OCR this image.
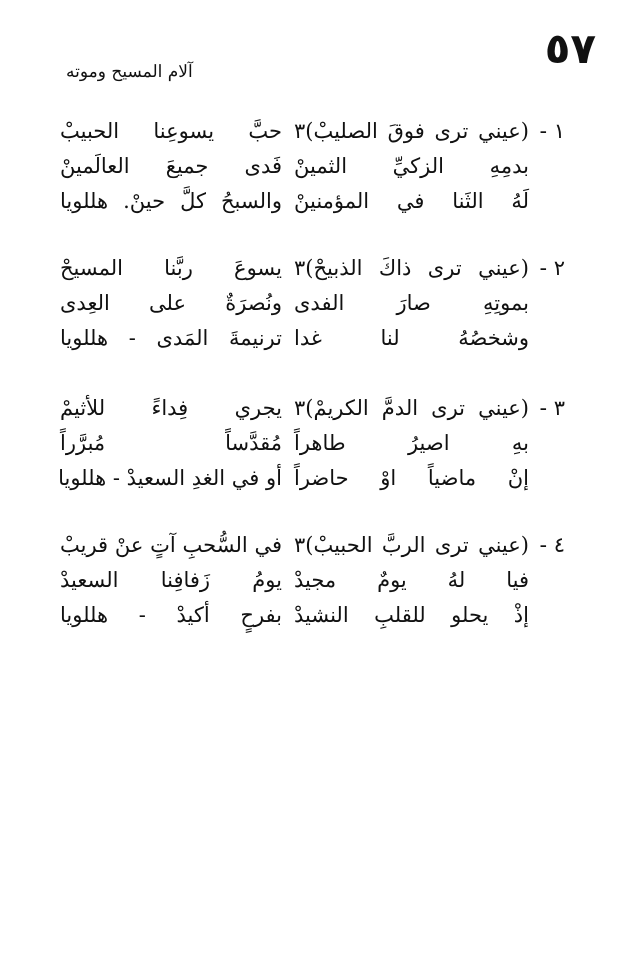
٥٧
آلام المسيح وموته
١ -
(عيني ترى فوقَ الصليبْ)٣
حبَّ يسوعِنا الحبيبْ
بدمِهِ الزكيِّ الثمينْ
فَدى جميعَ العالَمينْ
لَهُ الثَنا في المؤمنينْ
والسبحُ كلَّ حينْ. هللويا
٢ -
(عيني ترى ذاكَ الذبيحْ)٣
يسوعَ ربَّنا المسيحْ
بموتِهِ صارَ الفدى
ونُصرَةٌ على العِدى
وشخصُهُ لنا غدا
ترنيمةَ المَدى - هللويا
٣ -
(عيني ترى الدمَّ الكريمْ)٣
يجري فِداءً للأثيمْ
بهِ اصيرُ طاهراً
مُقدَّساً مُبرَّراً
إنْ ماضياً اوْ حاضراً
أو في الغدِ السعيدْ - هللويا
٤ -
(عيني ترى الربَّ الحبيبْ)٣
في السُّحبِ آتٍ عنْ قريبْ
فيا لهُ يومٌ مجيدْ
يومُ زَفافِنا السعيدْ
إذْ يحلو للقلبِ النشيدْ
بفرحٍ أكيدْ - هللويا
